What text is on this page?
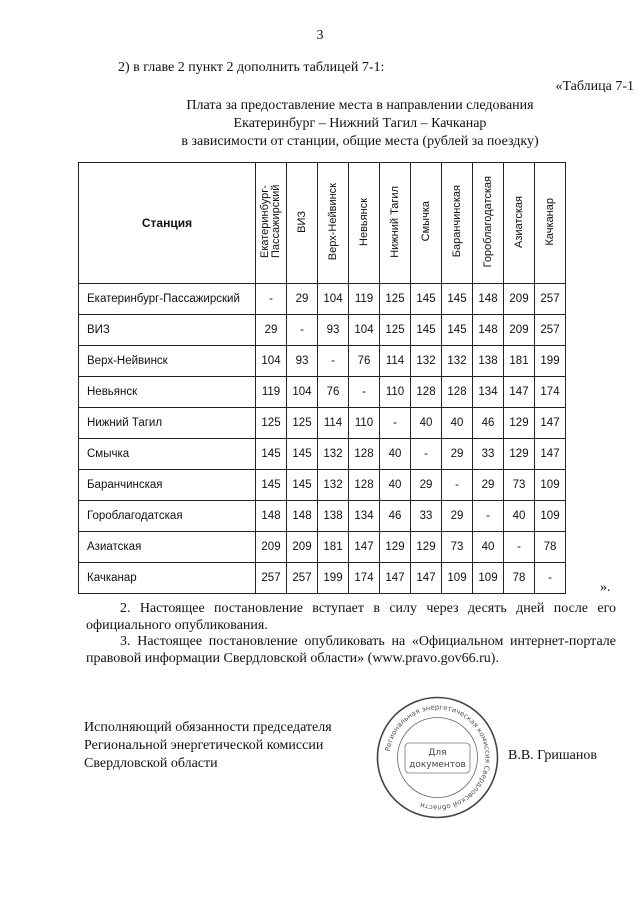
3
2) в главе 2 пункт 2 дополнить таблицей 7-1:
«Таблица 7-1
Плата за предоставление места в направлении следования
Екатеринбург – Нижний Тагил – Качканар
в зависимости от станции, общие места (рублей за поездку)
Станция	Екатеринбург-Пассажирский	ВИЗ	Верх-Нейвинск	Невьянск	Нижний Тагил	Смычка	Баранчинская	Гороблагодатская	Азиатская	Качканар
Екатеринбург-Пассажирский	-	29	104	119	125	145	145	148	209	257
ВИЗ	29	-	93	104	125	145	145	148	209	257
Верх-Нейвинск	104	93	-	76	114	132	132	138	181	199
Невьянск	119	104	76	-	110	128	128	134	147	174
Нижний Тагил	125	125	114	110	-	40	40	46	129	147
Смычка	145	145	132	128	40	-	29	33	129	147
Баранчинская	145	145	132	128	40	29	-	29	73	109
Гороблагодатская	148	148	138	134	46	33	29	-	40	109
Азиатская	209	209	181	147	129	129	73	40	-	78
Качканар	257	257	199	174	147	147	109	109	78	-
».
2. Настоящее постановление вступает в силу через десять дней после его официального опубликования.
3. Настоящее постановление опубликовать на «Официальном интернет-портале правовой информации Свердловской области» (www.pravo.gov66.ru).
Исполняющий обязанности председателя
Региональной энергетической комиссии
Свердловской области
Региональная энергетическая комиссия Свердловской области
Для
документов
В.В. Гришанов
